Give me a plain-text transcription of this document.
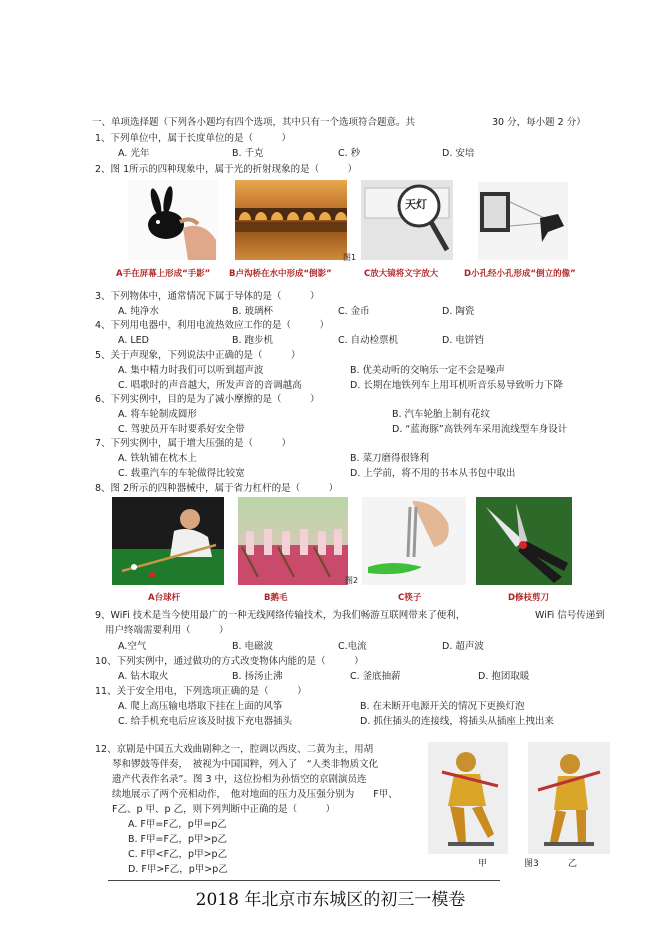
一、单项选择题（下列各小题均有四个选项，其中只有一个选项符合题意。共	30 分，每小题 2 分）
1、下列单位中，属于长度单位的是（　　　）
A. 光年	B. 千克	C. 秒	D. 安培
2、图 1所示的四种现象中，属于光的折射现象的是（　　　）
图1
天灯
A手在屏幕上形成“手影” B卢沟桥在水中形成“倒影”	C放大镜将文字放大	D小孔经小孔形成“倒立的像”
3、下列物体中，通常情况下属于导体的是（　　　）
A. 纯净水	B. 玻璃杯	C. 金币	D. 陶瓷
4、下列用电器中，利用电流热效应工作的是（　　　）
A. LED	B. 跑步机	C. 自动检票机	D. 电饼铛
5、关于声现象，下列说法中正确的是（　　　）
A. 集中精力时我们可以听到超声波	B. 优美动听的交响乐一定不会是噪声
C. 唱歌时的声音越大，所发声音的音调越高	D. 长期在地铁列车上用耳机听音乐易导致听力下降
6、下列实例中，目的是为了减小摩擦的是（　　　）
A. 将车轮制成圆形	B. 汽车轮胎上制有花纹
C. 驾驶员开车时要系好安全带	D. “蓝海豚”高铁列车采用流线型车身设计
7、下列实例中，属于增大压强的是（　　　）
A. 铁轨铺在枕木上	B. 菜刀磨得很锋利
C. 载重汽车的车轮做得比较宽	D. 上学前，将不用的书本从书包中取出
8、图 2所示的四种器械中，属于省力杠杆的是（　　　）
图2
A台球杆	B鹅毛	C筷子	D修枝剪刀
9、WiFi 技术是当今使用最广的一种无线网络传输技术，为我们畅游互联网带来了便利，	WiFi 信号传递到
用户终端需要利用（　　　）
A.空气	B. 电磁波	C.电流	D. 超声波
10、下列实例中，通过做功的方式改变物体内能的是（　　　）
A. 钻木取火	B. 扬汤止沸	C. 釜底抽薪	D. 抱团取暖
11、关于安全用电，下列选项正确的是（　　　）
A. 爬上高压输电塔取下挂在上面的风筝	B. 在未断开电源开关的情况下更换灯泡
C. 给手机充电后应该及时拔下充电器插头	D. 抓住插头的连接线，将插头从插座上拽出来
12、京剧是中国五大戏曲剧种之一，腔调以西皮、二黄为主，用胡
琴和锣鼓等伴奏，　被视为中国国粹，列入了　“人类非物质文化
遗产代表作名录”。图 3 中，这位扮相为孙悟空的京剧演员连
续地展示了两个亮相动作，　他对地面的压力及压强分别为　　F甲、
F乙、p 甲、p 乙，则下列判断中正确的是（　　　）
A. F甲=F乙，p甲=p乙
B. F甲=F乙，p甲>p乙
C. F甲<F乙，p甲>p乙
D. F甲>F乙，p甲>p乙	甲	图3	乙
2018 年北京市东城区的初三一模卷
